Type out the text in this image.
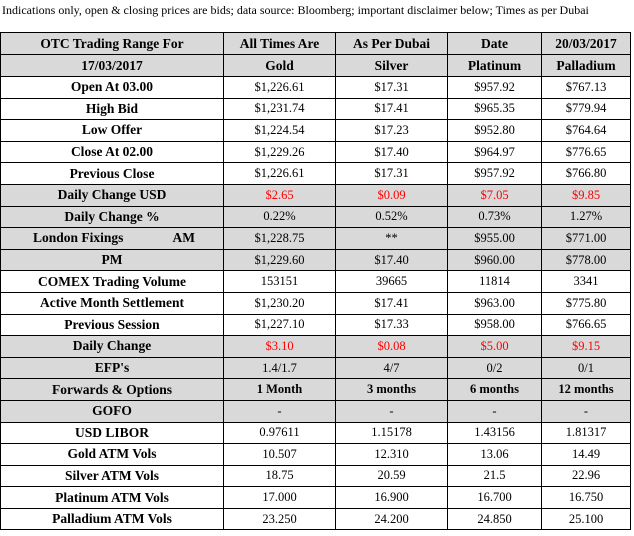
Indications only, open & closing prices are bids; data source: Bloomberg; important disclaimer below; Times as per Dubai
OTC Trading Range For	All Times Are	As Per Dubai	Date	20/03/2017
17/03/2017	Gold	Silver	Platinum	Palladium
Open At 03.00	$1,226.61	$17.31	$957.92	$767.13
High Bid	$1,231.74	$17.41	$965.35	$779.94
Low Offer	$1,224.54	$17.23	$952.80	$764.64
Close At 02.00	$1,229.26	$17.40	$964.97	$776.65
Previous Close	$1,226.61	$17.31	$957.92	$766.80
Daily Change USD	$2.65	$0.09	$7.05	$9.85
Daily Change %	0.22%	0.52%	0.73%	1.27%

London Fixings AM	$1,228.75	**	$955.00	$771.00
PM	$1,229.60	$17.40	$960.00	$778.00
COMEX Trading Volume	153151	39665	11814	3341
Active Month Settlement	$1,230.20	$17.41	$963.00	$775.80
Previous Session	$1,227.10	$17.33	$958.00	$766.65
Daily Change	$3.10	$0.08	$5.00	$9.15
EFP's	1.4/1.7	4/7	0/2	0/1
Forwards & Options	1 Month	3 months	6 months	12 months
GOFO	-	-	-	-
USD LIBOR	0.97611	1.15178	1.43156	1.81317
Gold ATM Vols	10.507	12.310	13.06	14.49
Silver ATM Vols	18.75	20.59	21.5	22.96
Platinum ATM Vols	17.000	16.900	16.700	16.750
Palladium ATM Vols	23.250	24.200	24.850	25.100
